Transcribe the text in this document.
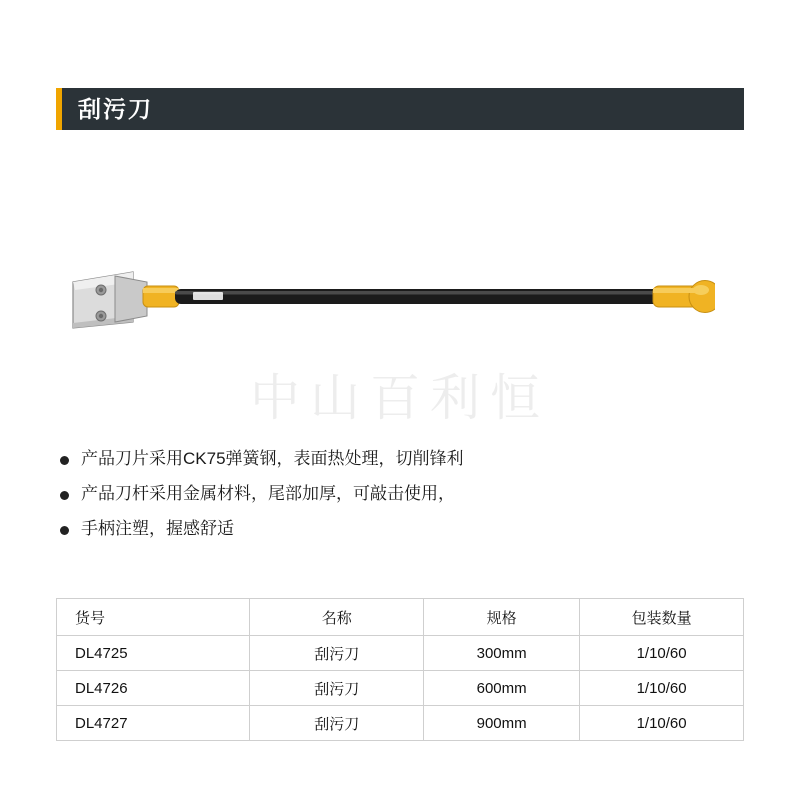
刮污刀
中山百利恒
产品刀片采用CK75弹簧钢，表面热处理，切削锋利
产品刀杆采用金属材料，尾部加厚，可敲击使用，
手柄注塑，握感舒适
货号	名称	规格	包装数量
DL4725	刮污刀	300mm	1/10/60
DL4726	刮污刀	600mm	1/10/60
DL4727	刮污刀	900mm	1/10/60
